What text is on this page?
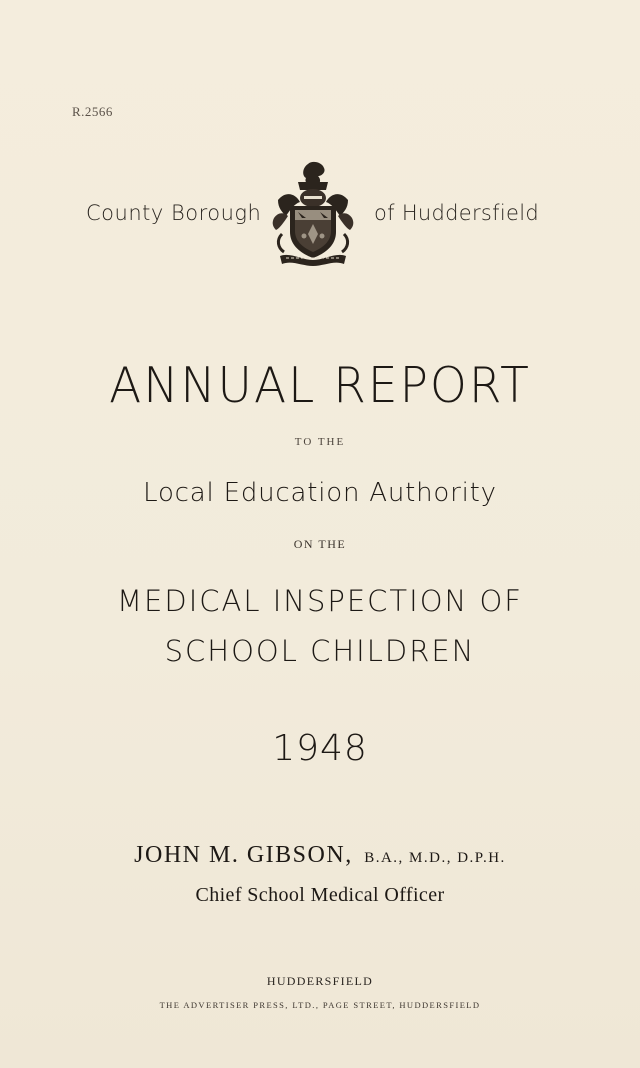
R.2566
County Borough	of Huddersfield
ANNUAL REPORT
TO THE
Local Education Authority
ON THE
MEDICAL INSPECTION OF
SCHOOL CHILDREN
1948
JOHN M. GIBSON, B.A., M.D., D.P.H.
Chief School Medical Officer
HUDDERSFIELD
THE ADVERTISER PRESS, LTD., PAGE STREET, HUDDERSFIELD
